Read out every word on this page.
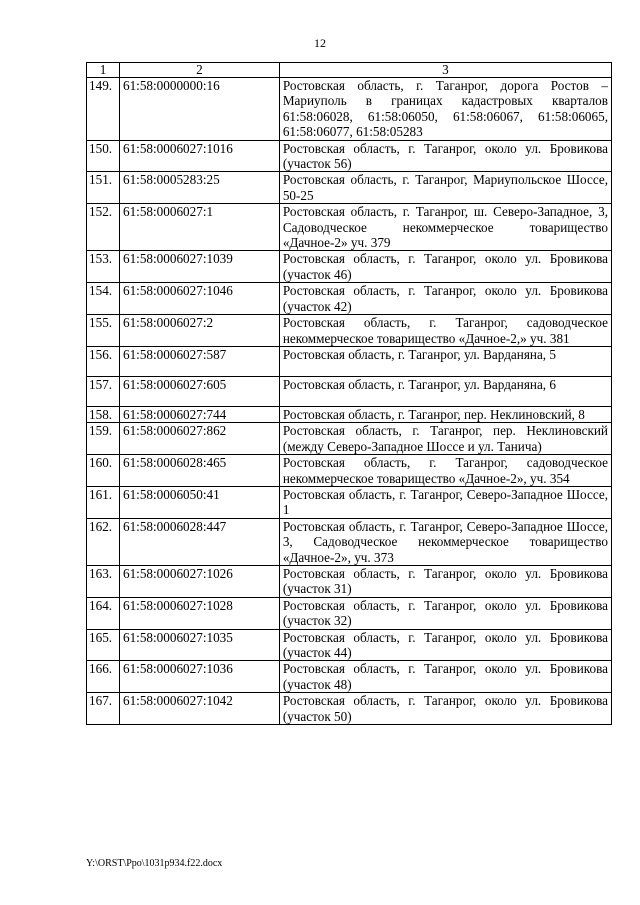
12
1	2	3
149.	61:58:0000000:16	Ростовская область, г. Таганрог, дорога Ростов – Мариуполь в границах кадастровых кварталов 61:58:06028, 61:58:06050, 61:58:06067, 61:58:06065, 61:58:06077, 61:58:05283
150.	61:58:0006027:1016	Ростовская область, г. Таганрог, около ул. Бровикова (участок 56)
151.	61:58:0005283:25	Ростовская область, г. Таганрог, Мариупольское Шоссе, 50-25
152.	61:58:0006027:1	Ростовская область, г. Таганрог, ш. Северо-Западное, 3, Садоводческое некоммерческое товарищество «Дачное-2» уч. 379
153.	61:58:0006027:1039	Ростовская область, г. Таганрог, около ул. Бровикова (участок 46)
154.	61:58:0006027:1046	Ростовская область, г. Таганрог, около ул. Бровикова (участок 42)
155.	61:58:0006027:2	Ростовская область, г. Таганрог, садоводческое некоммерческое товарищество «Дачное-2,» уч. 381
156.	61:58:0006027:587	Ростовская область, г. Таганрог, ул. Варданяна, 5
157.	61:58:0006027:605	Ростовская область, г. Таганрог, ул. Варданяна, 6
158.	61:58:0006027:744	Ростовская область, г. Таганрог, пер. Неклиновский, 8
159.	61:58:0006027:862	Ростовская область, г. Таганрог, пер. Неклиновский (между Северо-Западное Шоссе и ул. Танича)
160.	61:58:0006028:465	Ростовская область, г. Таганрог, садоводческое некоммерческое товарищество «Дачное-2», уч. 354
161.	61:58:0006050:41	Ростовская область, г. Таганрог, Северо-Западное Шоссе, 1
162.	61:58:0006028:447	Ростовская область, г. Таганрог, Северо-Западное Шоссе, 3, Садоводческое некоммерческое товарищество «Дачное-2», уч. 373
163.	61:58:0006027:1026	Ростовская область, г. Таганрог, около ул. Бровикова (участок 31)
164.	61:58:0006027:1028	Ростовская область, г. Таганрог, около ул. Бровикова (участок 32)
165.	61:58:0006027:1035	Ростовская область, г. Таганрог, около ул. Бровикова (участок 44)
166.	61:58:0006027:1036	Ростовская область, г. Таганрог, около ул. Бровикова (участок 48)
167.	61:58:0006027:1042	Ростовская область, г. Таганрог, около ул. Бровикова (участок 50)
Y:\ORST\Ppo\1031p934.f22.docx
